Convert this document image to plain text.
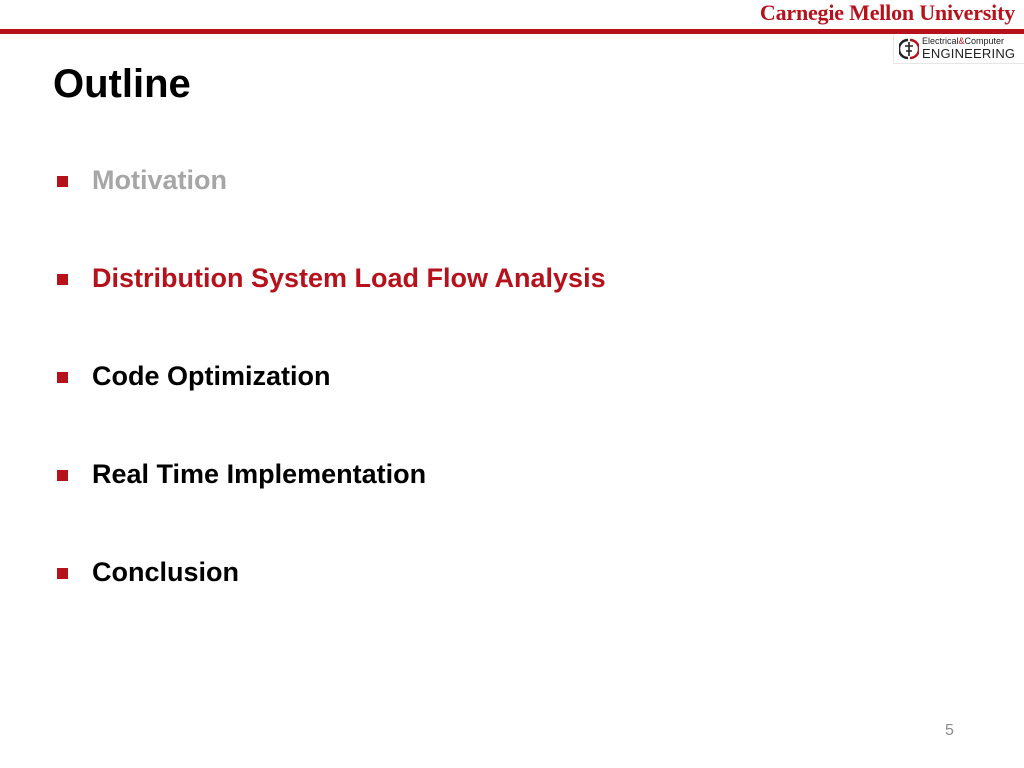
Carnegie Mellon University
Electrical&Computer
ENGINEERING
Outline
Motivation
Distribution System Load Flow Analysis
Code Optimization
Real Time Implementation
Conclusion
5
